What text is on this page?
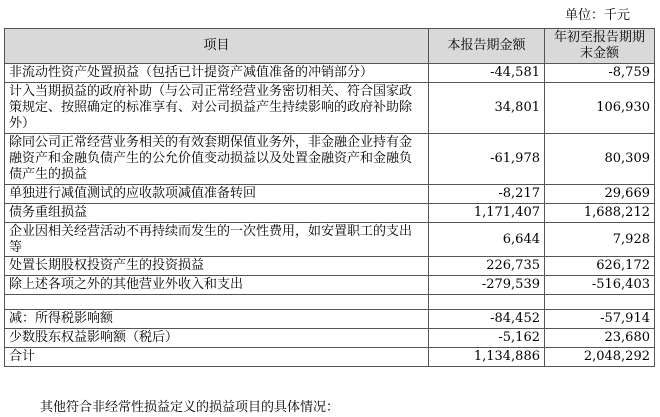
单位：千元
项目	本报告期金额	年初至报告期期末金额
非流动性资产处置损益（包括已计提资产减值准备的冲销部分）	-44,581	-8,759
计入当期损益的政府补助（与公司正常经营业务密切相关、符合国家政策规定、按照确定的标准享有、对公司损益产生持续影响的政府补助除外）	34,801	106,930
除同公司正常经营业务相关的有效套期保值业务外，非金融企业持有金融资产和金融负债产生的公允价值变动损益以及处置金融资产和金融负债产生的损益	-61,978	80,309
单独进行减值测试的应收款项减值准备转回	-8,217	29,669
债务重组损益	1,171,407	1,688,212
企业因相关经营活动不再持续而发生的一次性费用，如安置职工的支出等	6,644	7,928
处置长期股权投资产生的投资损益	226,735	626,172
除上述各项之外的其他营业外收入和支出	-279,539	-516,403

减：所得税影响额	-84,452	-57,914
少数股东权益影响额（税后）	-5,162	23,680
合计	1,134,886	2,048,292
其他符合非经常性损益定义的损益项目的具体情况：
